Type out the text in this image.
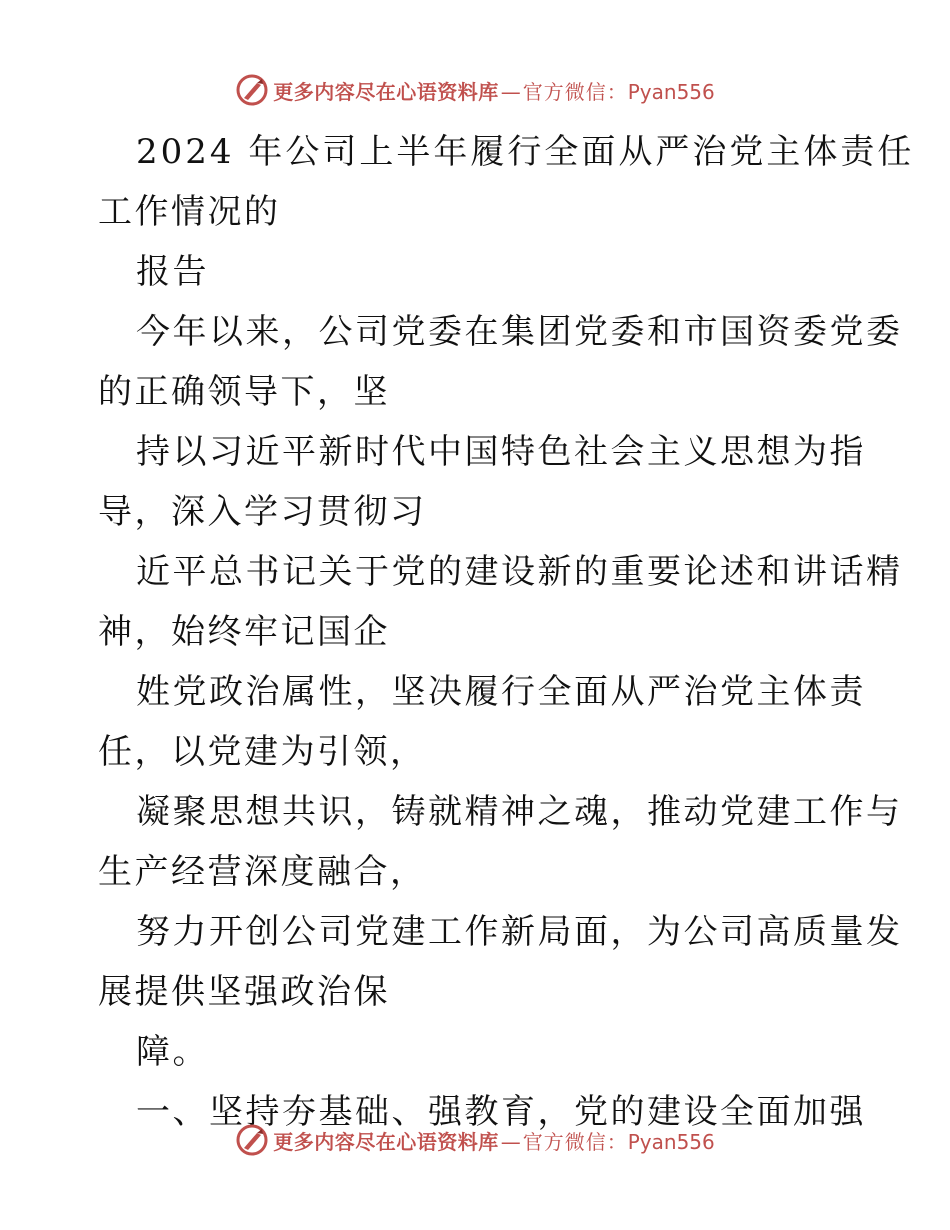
更多内容尽在心语资料库 — 官方微信：Pyan556
2024 年公司上半年履行全面从严治党主体责任
工作情况的
报告
今年以来，公司党委在集团党委和市国资委党委
的正确领导下，坚
持以习近平新时代中国特色社会主义思想为指
导，深入学习贯彻习
近平总书记关于党的建设新的重要论述和讲话精
神，始终牢记国企
姓党政治属性，坚决履行全面从严治党主体责
任，以党建为引领，
凝聚思想共识，铸就精神之魂，推动党建工作与
生产经营深度融合，
努力开创公司党建工作新局面，为公司高质量发
展提供坚强政治保
障。
一、坚持夯基础、强教育，党的建设全面加强
更多内容尽在心语资料库 — 官方微信：Pyan556
